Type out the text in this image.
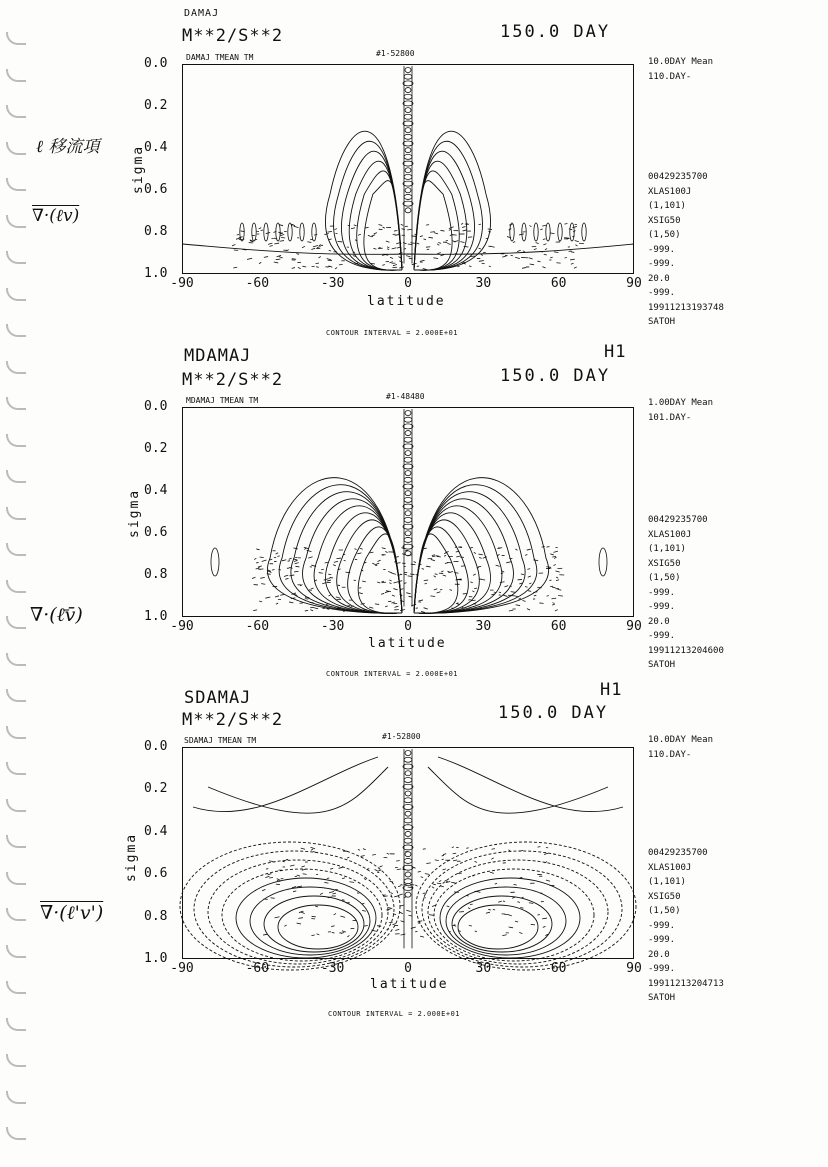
DAMAJ
M**2/S**2	150.0 DAY
DAMAJ TMEAN TM	#1-52800
10.0DAY Mean
110.DAY-
00429235700
XLAS100J
(1,101)
XSIG50
(1,50)
-999.
-999.
20.0
-999.
19911213193748
SATOH
ℓ 移流項
∇·(ℓv)
CONTOUR INTERVAL = 2.000E+01
latitude
sigma
-90	-60	-30	0	30	60	90
0.0
0.2
0.4
0.6
0.8
1.0
MDAMAJ	H1
M**2/S**2	150.0 DAY
MDAMAJ TMEAN TM	#1-48480
1.00DAY Mean
101.DAY-
00429235700
XLAS100J
(1,101)
XSIG50
(1,50)
-999.
-999.
20.0
-999.
19911213204600
SATOH
∇·(ℓ̄v̄)
CONTOUR INTERVAL = 2.000E+01
latitude
sigma
-90	-60	-30	0	30	60	90
0.0
0.2
0.4
0.6
0.8
1.0
SDAMAJ	H1
M**2/S**2	150.0 DAY
SDAMAJ TMEAN TM	#1-52800	10.0DAY Mean
110.DAY-
00429235700
XLAS100J
(1,101)
XSIG50
(1,50)
-999.
-999.
20.0
-999.
19911213204713
SATOH
∇·(ℓ'v')
CONTOUR INTERVAL = 2.000E+01
latitude
sigma
-90	-60	-30	0	30	60	90
0.0
0.2
0.4
0.6
0.8
1.0
